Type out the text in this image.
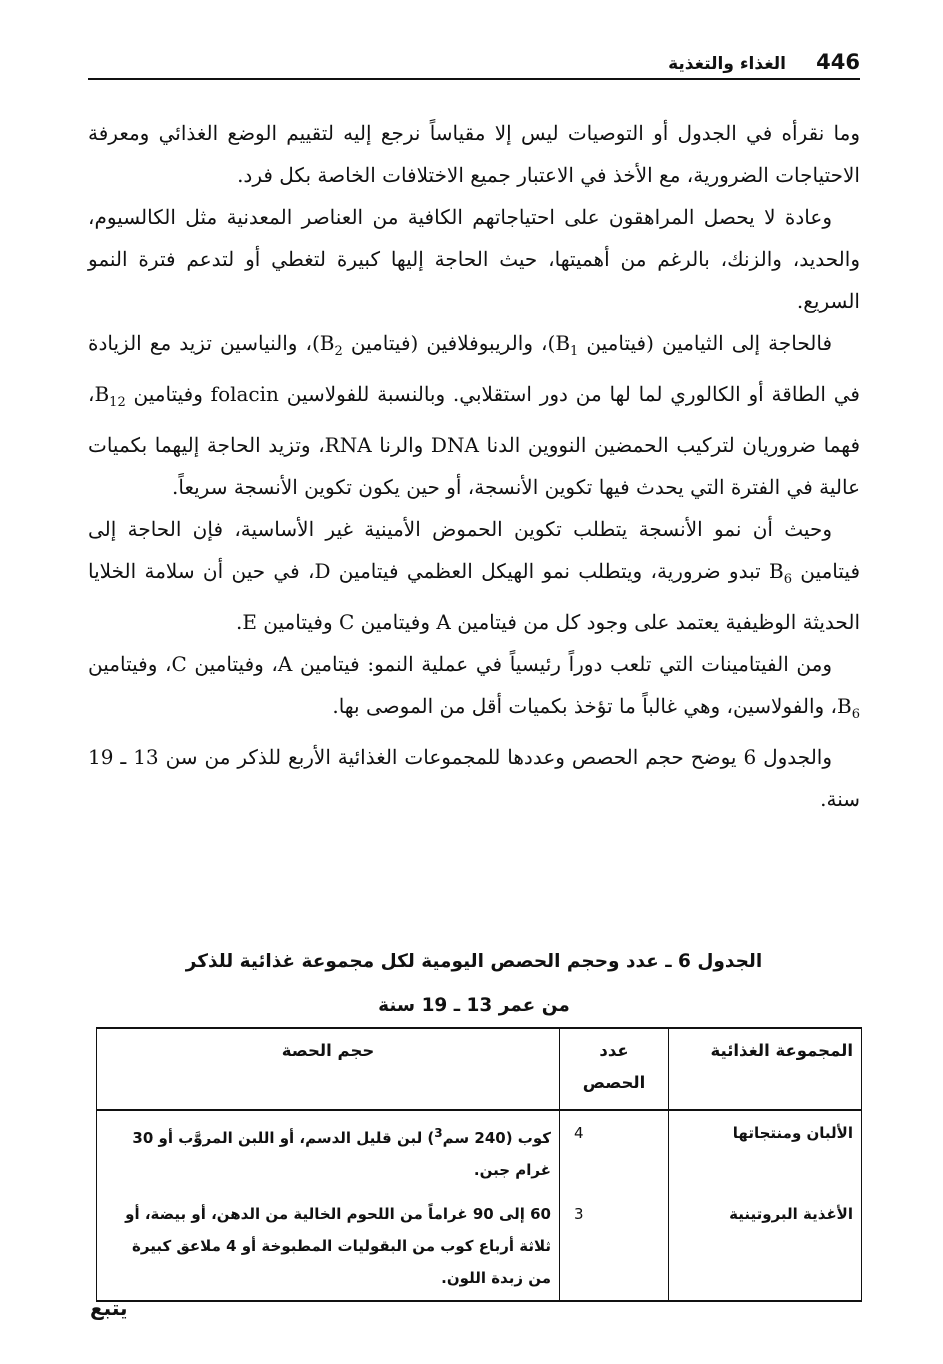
446
الغذاء والتغذية

وما نقرأه في الجدول أو التوصيات ليس إلا مقياساً نرجع إليه لتقييم الوضع الغذائي ومعرفة الاحتياجات الضرورية، مع الأخذ في الاعتبار جميع الاختلافات الخاصة بكل فرد.

وعادة لا يحصل المراهقون على احتياجاتهم الكافية من العناصر المعدنية مثل الكالسيوم، والحديد، والزنك، بالرغم من أهميتها، حيث الحاجة إليها كبيرة لتغطي أو لتدعم فترة النمو السريع.

فالحاجة إلى الثيامين (فيتامين $B_1)،$ والريبوفلافين (فيتامين $B_2)،$ والنياسين تزيد مع الزيادة في الطاقة أو الكالوري لما لها من دور استقلابي. وبالنسبة للفولاسين folacin وفيتامين $B_{12}،$ فهما ضروريان لتركيب الحمضين النووين الدنا DNA والرنا RNA، وتزيد الحاجة إليهما بكميات عالية في الفترة التي يحدث فيها تكوين الأنسجة، أو حين يكون تكوين الأنسجة سريعاً.

وحيث أن نمو الأنسجة يتطلب تكوين الحموض الأمينية غير الأساسية، فإن الحاجة إلى فيتامين $B_6$ تبدو ضرورية، ويتطلب نمو الهيكل العظمي فيتامين D، في حين أن سلامة الخلايا الحديثة الوظيفية يعتمد على وجود كل من فيتامين A وفيتامين C وفيتامين E.

ومن الفيتامينات التي تلعب دوراً رئيسياً في عملية النمو: فيتامين A، وفيتامين C، وفيتامين $B_6،$ والفولاسين، وهي غالباً ما تؤخذ بكميات أقل من الموصى بها.

والجدول 6 يوضح حجم الحصص وعددها للمجموعات الغذائية الأربع للذكر من سن 13 ـ 19 سنة.

الجدول 6 ـ عدد وحجم الحصص اليومية لكل مجموعة غذائية للذكر
من عمر 13 ـ 19 سنة
المجموعة الغذائية	عدد الحصص	حجم الحصة
الألبان ومنتجاتها	4	كوب (240 سم$^3$) لبن قليل الدسم، أو اللبن المروَّب أو 30 غرام جبن.
الأغذية البروتينية	3	60 إلى 90 غراماً من اللحوم الخالية من الدهن، أو بيضة، أو ثلاثة أرباع كوب من البقوليات المطبوخة أو 4 ملاعق كبيرة من زبدة اللون.
يتبع
